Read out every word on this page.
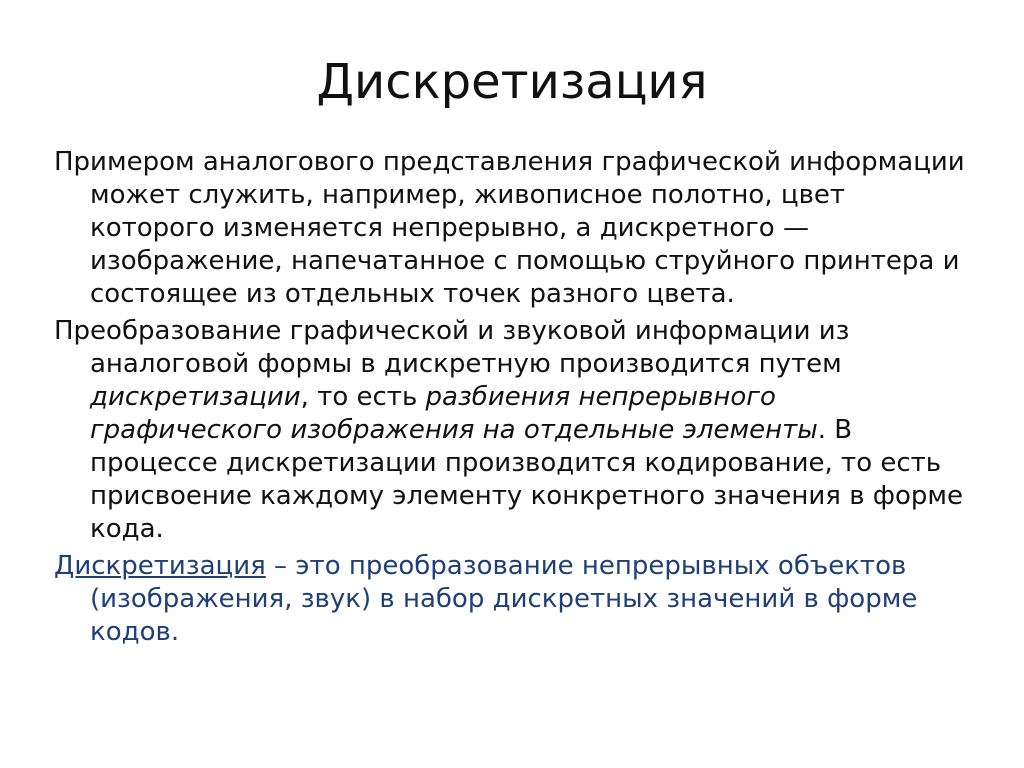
Дискретизация

Примером аналогового представления графической информации может служить, например, живописное полотно, цвет которого изменяется непрерывно, а дискретного — изображение, напечатанное с помощью струйного принтера и состоящее из отдельных точек разного цвета.

Преобразование графической и звуковой информации из аналоговой формы в дискретную производится путем дискретизации, то есть разбиения непрерывного графического изображения на отдельные элементы. В процессе дискретизации производится кодирование, то есть присвоение каждому элементу конкретного значения в форме кода.

Дискретизация – это преобразование непрерывных объектов (изображения, звук) в набор дискретных значений в форме кодов.
